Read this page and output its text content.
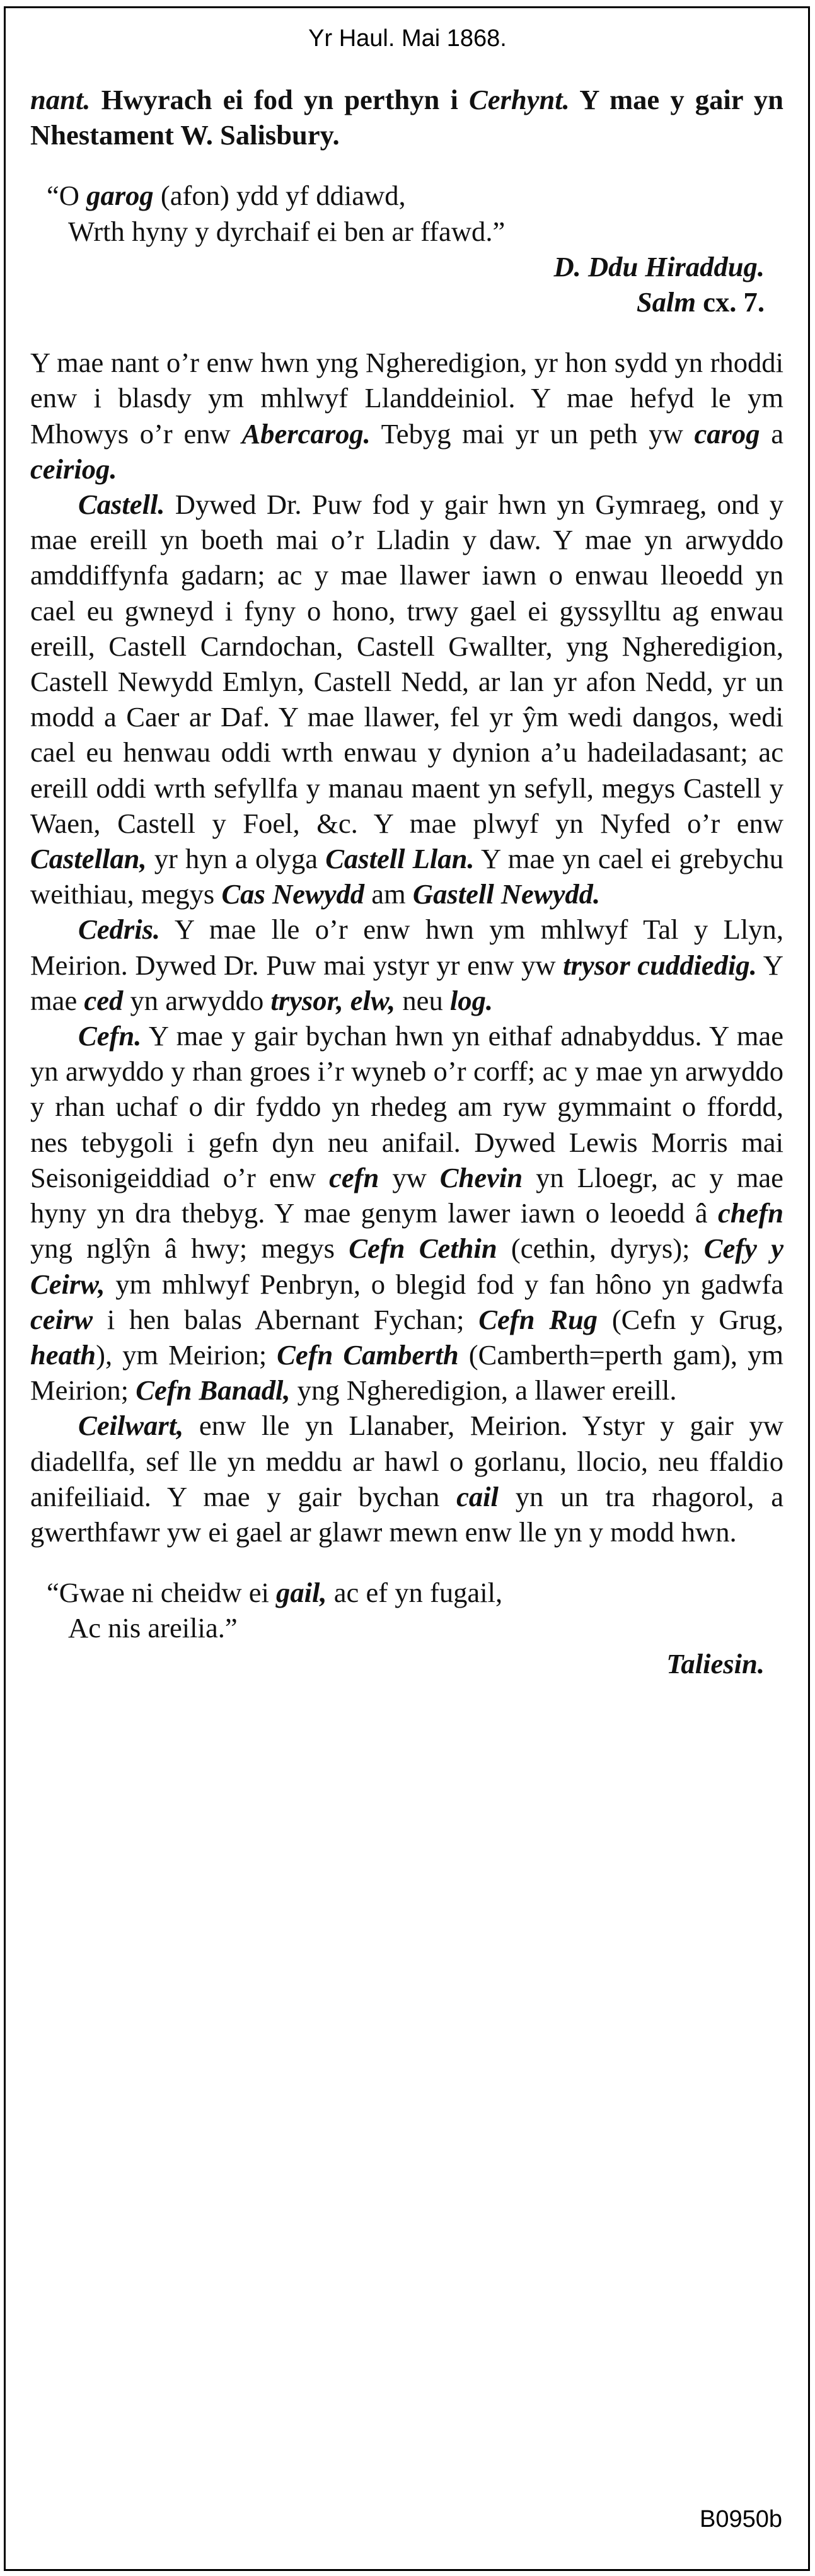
Yr Haul. Mai 1868.

nant. Hwyrach ei fod yn perthyn i Cerhynt. Y mae y gair yn Nhestament W. Salisbury.

“O garog (afon) ydd yf ddiawd,
Wrth hyny y dyrchaif ei ben ar ffawd.”
D. Ddu Hiraddug.
Salm cx. 7.

Y mae nant o’r enw hwn yng Ngheredigion, yr hon sydd yn rhoddi enw i blasdy ym mhlwyf Llanddeiniol. Y mae hefyd le ym Mhowys o’r enw Abercarog. Tebyg mai yr un peth yw carog a ceiriog.

Castell. Dywed Dr. Puw fod y gair hwn yn Gymraeg, ond y mae ereill yn boeth mai o’r Lladin y daw. Y mae yn arwyddo amddiffynfa gadarn; ac y mae llawer iawn o enwau lleoedd yn cael eu gwneyd i fyny o hono, trwy gael ei gyssylltu ag enwau ereill, Castell Carndochan, Castell Gwallter, yng Ngheredigion, Castell Newydd Emlyn, Castell Nedd, ar lan yr afon Nedd, yr un modd a Caer ar Daf. Y mae llawer, fel yr ŷm wedi dangos, wedi cael eu henwau oddi wrth enwau y dynion a’u hadeiladasant; ac ereill oddi wrth sefyllfa y manau maent yn sefyll, megys Castell y Waen, Castell y Foel, &c. Y mae plwyf yn Nyfed o’r enw Castellan, yr hyn a olyga Castell Llan. Y mae yn cael ei grebychu weithiau, megys Cas Newydd am Gastell Newydd.

Cedris. Y mae lle o’r enw hwn ym mhlwyf Tal y Llyn, Meirion. Dywed Dr. Puw mai ystyr yr enw yw trysor cuddiedig. Y mae ced yn arwyddo trysor, elw, neu log.

Cefn. Y mae y gair bychan hwn yn eithaf adnabyddus. Y mae yn arwyddo y rhan groes i’r wyneb o’r corff; ac y mae yn arwyddo y rhan uchaf o dir fyddo yn rhedeg am ryw gymmaint o ffordd, nes tebygoli i gefn dyn neu anifail. Dywed Lewis Morris mai Seisonigeiddiad o’r enw cefn yw Chevin yn Lloegr, ac y mae hyny yn dra thebyg. Y mae genym lawer iawn o leoedd â chefn yng nglŷn â hwy; megys Cefn Cethin (cethin, dyrys); Cefy y Ceirw, ym mhlwyf Penbryn, o blegid fod y fan hôno yn gadwfa ceirw i hen balas Abernant Fychan; Cefn Rug (Cefn y Grug, heath), ym Meirion; Cefn Camberth (Camberth=perth gam), ym Meirion; Cefn Banadl, yng Ngheredigion, a llawer ereill.

Ceilwart, enw lle yn Llanaber, Meirion. Ystyr y gair yw diadellfa, sef lle yn meddu ar hawl o gorlanu, llocio, neu ffaldio anifeiliaid. Y mae y gair bychan cail yn un tra rhagorol, a gwerthfawr yw ei gael ar glawr mewn enw lle yn y modd hwn.

“Gwae ni cheidw ei gail, ac ef yn fugail,
Ac nis areilia.”
Taliesin.
B0950b
